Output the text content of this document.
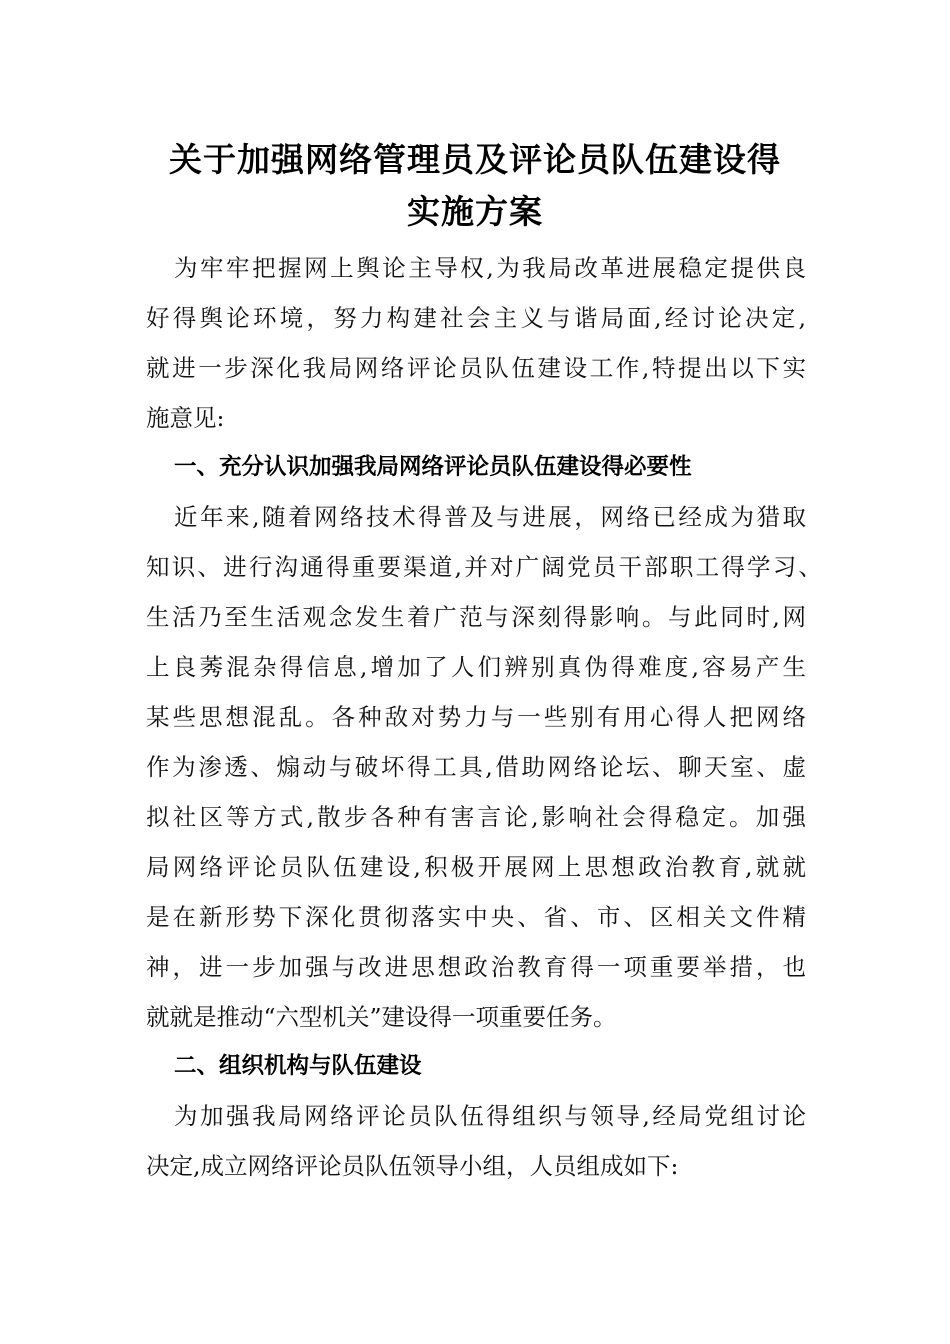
关于加强网络管理员及评论员队伍建设得
实施方案
为牢牢把握网上舆论主导权,为我局改革进展稳定提供良
好得舆论环境，努力构建社会主义与谐局面,经讨论决定,
就进一步深化我局网络评论员队伍建设工作,特提出以下实
施意见:
一、充分认识加强我局网络评论员队伍建设得必要性
近年来,随着网络技术得普及与进展，网络已经成为猎取
知识、进行沟通得重要渠道,并对广阔党员干部职工得学习、
生活乃至生活观念发生着广范与深刻得影响。与此同时,网
上良莠混杂得信息,增加了人们辨别真伪得难度,容易产生
某些思想混乱。各种敌对势力与一些别有用心得人把网络
作为渗透、煽动与破坏得工具,借助网络论坛、聊天室、虚
拟社区等方式,散步各种有害言论,影响社会得稳定。加强
局网络评论员队伍建设,积极开展网上思想政治教育,就就
是在新形势下深化贯彻落实中央、省、市、区相关文件精
神，进一步加强与改进思想政治教育得一项重要举措，也
就就是推动“六型机关”建设得一项重要任务。
二、组织机构与队伍建设
为加强我局网络评论员队伍得组织与领导,经局党组讨论
决定,成立网络评论员队伍领导小组，人员组成如下:
